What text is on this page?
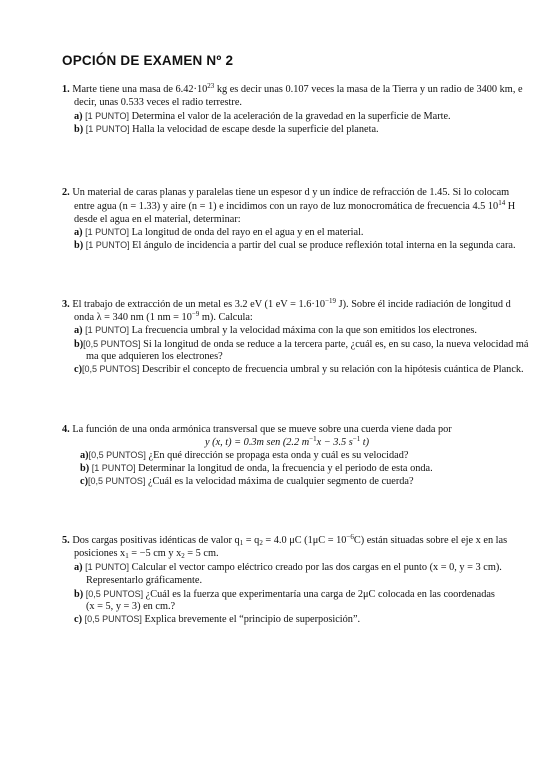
OPCIÓN DE EXAMEN Nº 2
1. Marte tiene una masa de $6.42\cdot 10^{23}$ kg es decir unas 0.107 veces la masa de la Tierra y un radio de 3400 km, e
decir, unas 0.533 veces el radio terrestre.
a) [1 PUNTO] Determina el valor de la aceleración de la gravedad en la superficie de Marte.
b) [1 PUNTO] Halla la velocidad de escape desde la superficie del planeta.
2. Un material de caras planas y paralelas tiene un espesor d y un índice de refracción de 1.45. Si lo colocam
entre agua (n = 1.33) y aire (n = 1) e incidimos con un rayo de luz monocromática de frecuencia 4.5 $10^{14}$ H
desde el agua en el material, determinar:
a) [1 PUNTO] La longitud de onda del rayo en el agua y en el material.
b) [1 PUNTO] El ángulo de incidencia a partir del cual se produce reflexión total interna en la segunda cara.
3. El trabajo de extracción de un metal es 3.2 eV (1 eV = $1.6\cdot 10^{-19}$ J). Sobre él incide radiación de longitud d
onda λ = 340 nm (1 nm = $10^{-9}$ m). Calcula:
a) [1 PUNTO] La frecuencia umbral y la velocidad máxima con la que son emitidos los electrones.
b)[0,5 PUNTOS] Si la longitud de onda se reduce a la tercera parte, ¿cuál es, en su caso, la nueva velocidad má
ma que adquieren los electrones?
c)[0,5 PUNTOS] Describir el concepto de frecuencia umbral y su relación con la hipótesis cuántica de Planck.
4. La función de una onda armónica transversal que se mueve sobre una cuerda viene dada por
y (x, t) = 0.3m sen (2.2 $m^{-1}x - 3.5$ $s^{-1}$ t)
a)[0,5 PUNTOS] ¿En qué dirección se propaga esta onda y cuál es su velocidad?
b) [1 PUNTO] Determinar la longitud de onda, la frecuencia y el periodo de esta onda.
c)[0,5 PUNTOS] ¿Cuál es la velocidad máxima de cualquier segmento de cuerda?
5. Dos cargas positivas idénticas de valor $q_1 = q_2 = 4.0$ μC $(1\mu C = 10^{-6}C)$ están situadas sobre el eje x en las
posiciones $x_1 = -5$ cm y $x_2 = 5$ cm.
a) [1 PUNTO] Calcular el vector campo eléctrico creado por las dos cargas en el punto (x = 0, y = 3 cm).
Representarlo gráficamente.
b) [0,5 PUNTOS] ¿Cuál es la fuerza que experimentaría una carga de 2μC colocada en las coordenadas
(x = 5, y = 3) en cm.?
c) [0,5 PUNTOS] Explica brevemente el “principio de superposición”.
